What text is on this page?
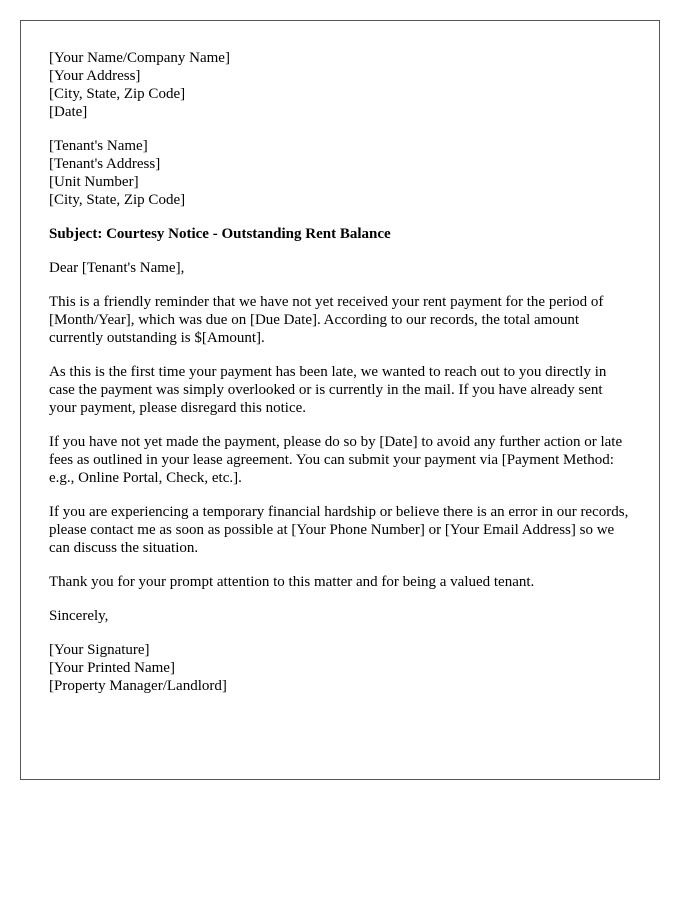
[Your Name/Company Name]
[Your Address]
[City, State, Zip Code]
[Date]
[Tenant's Name]
[Tenant's Address]
[Unit Number]
[City, State, Zip Code]
Subject: Courtesy Notice - Outstanding Rent Balance

Dear [Tenant's Name],

This is a friendly reminder that we have not yet received your rent payment for the period of [Month/Year], which was due on [Due Date]. According to our records, the total amount currently outstanding is $[Amount].

As this is the first time your payment has been late, we wanted to reach out to you directly in case the payment was simply overlooked or is currently in the mail. If you have already sent your payment, please disregard this notice.

If you have not yet made the payment, please do so by [Date] to avoid any further action or late fees as outlined in your lease agreement. You can submit your payment via [Payment Method: e.g., Online Portal, Check, etc.].

If you are experiencing a temporary financial hardship or believe there is an error in our records, please contact me as soon as possible at [Your Phone Number] or [Your Email Address] so we can discuss the situation.

Thank you for your prompt attention to this matter and for being a valued tenant.

Sincerely,

[Your Signature]
[Your Printed Name]
[Property Manager/Landlord]
